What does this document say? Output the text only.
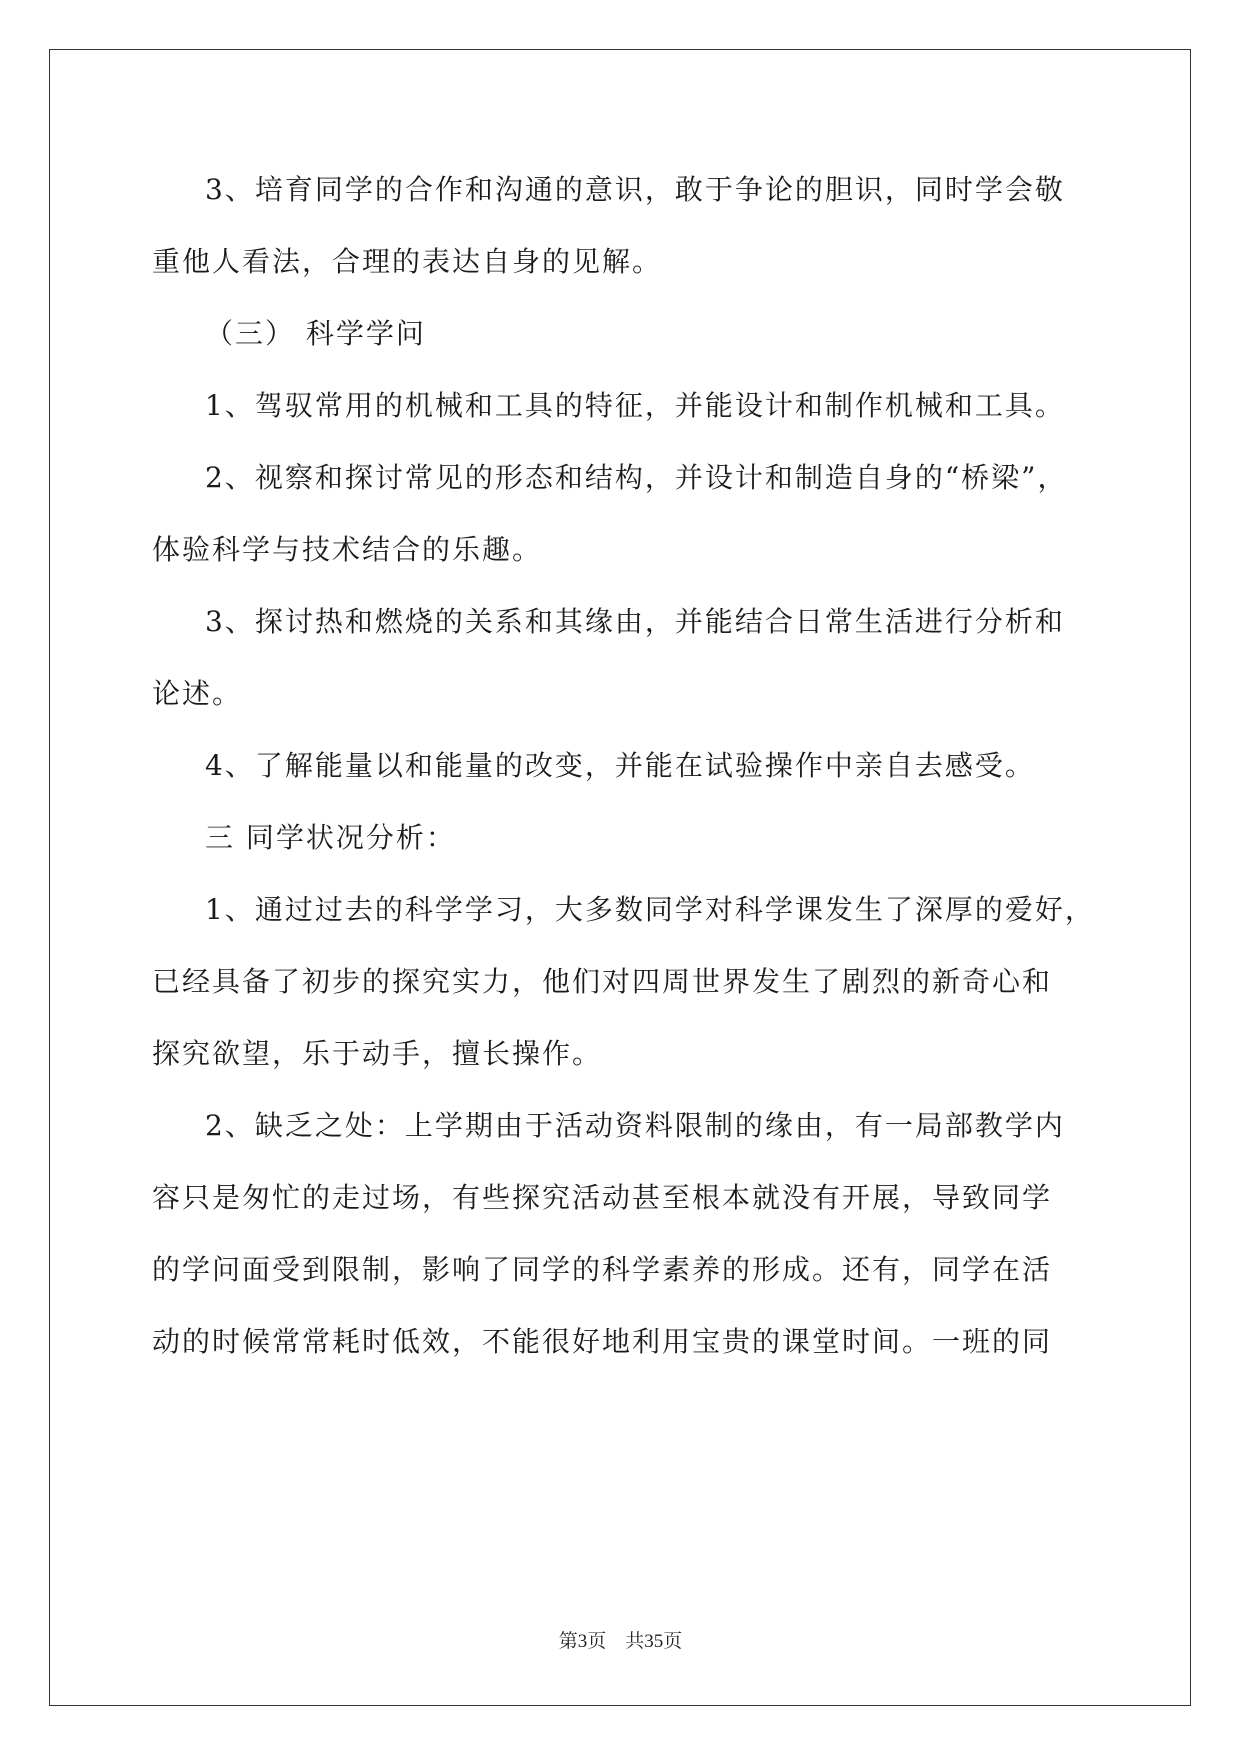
3、培育同学的合作和沟通的意识，敢于争论的胆识，同时学会敬
重他人看法，合理的表达自身的见解。
（三） 科学学问
1、驾驭常用的机械和工具的特征，并能设计和制作机械和工具。
2、视察和探讨常见的形态和结构，并设计和制造自身的“桥梁”，
体验科学与技术结合的乐趣。
3、探讨热和燃烧的关系和其缘由，并能结合日常生活进行分析和
论述。
4、了解能量以和能量的改变，并能在试验操作中亲自去感受。
三 同学状况分析：
1、通过过去的科学学习，大多数同学对科学课发生了深厚的爱好，
已经具备了初步的探究实力，他们对四周世界发生了剧烈的新奇心和
探究欲望，乐于动手，擅长操作。
2、缺乏之处：上学期由于活动资料限制的缘由，有一局部教学内
容只是匆忙的走过场，有些探究活动甚至根本就没有开展，导致同学
的学问面受到限制，影响了同学的科学素养的形成。还有，同学在活
动的时候常常耗时低效，不能很好地利用宝贵的课堂时间。一班的同
第3页　共35页
